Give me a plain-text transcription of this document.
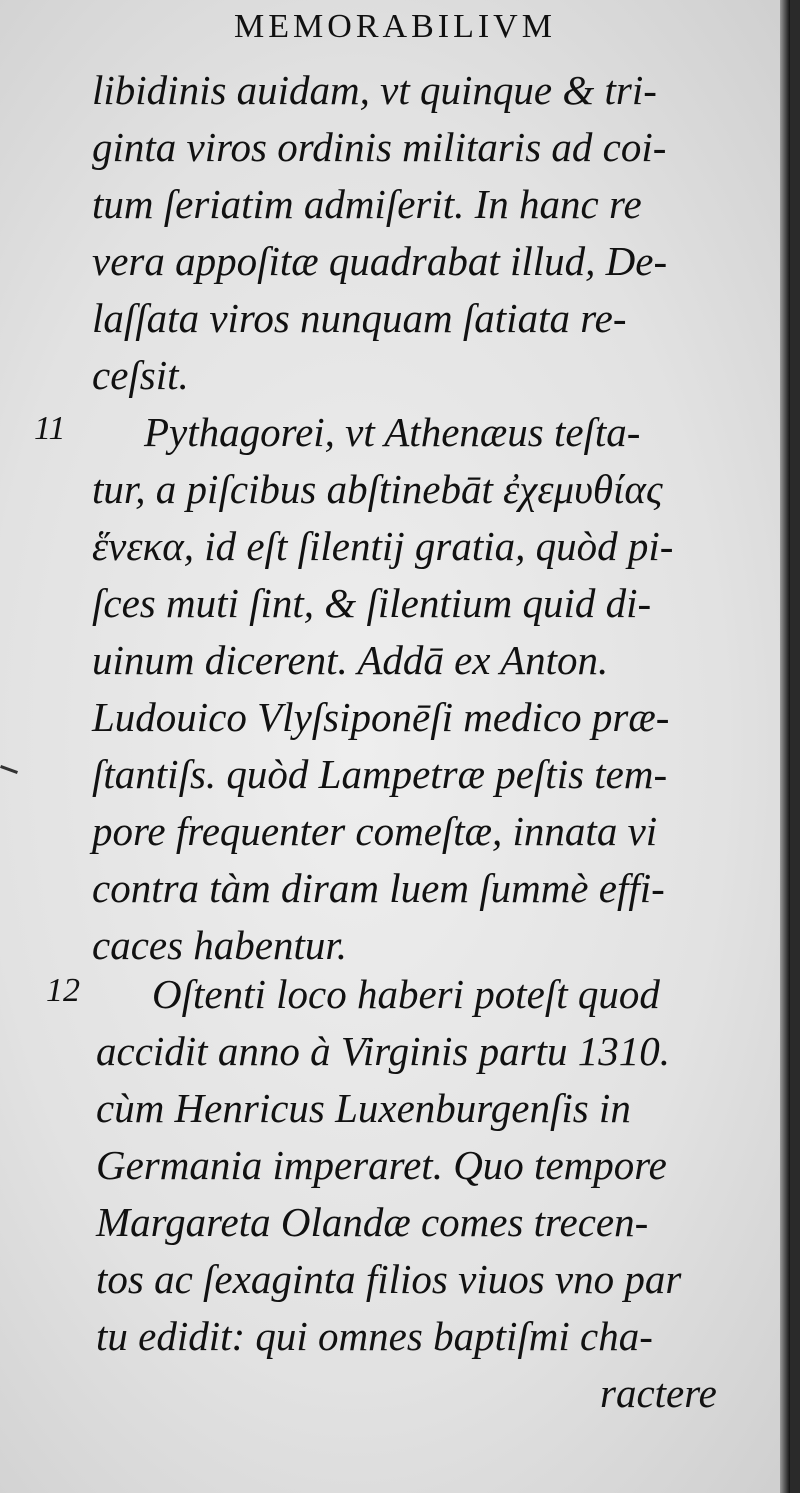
MEMORABILIVM
libidinis auidam, vt quinque & tri-
ginta viros ordinis militaris ad coi-
tum ſeriatim admiſerit. In hanc re
vera appoſitæ quadrabat illud, De-
laſſata viros nunquam ſatiata re-
ceſsit.
11 Pythagorei, vt Athenæus teſta-
tur, a piſcibus abſtinebāt ἐχεμυθίας
ἕνεκα, id eſt ſilentij gratia, quòd pi-
ſces muti ſint, & ſilentium quid di-
uinum dicerent. Addā ex Anton.
Ludouico Vlyſsiponēſi medico præ-
ſtantiſs. quòd Lampetræ peſtis tem-
pore frequenter comeſtæ, innata vi
contra tàm diram luem ſummè effi-
caces habentur.
12 Oſtenti loco haberi poteſt quod
accidit anno à Virginis partu 1310.
cùm Henricus Luxenburgenſis in
Germania imperaret. Quo tempore
Margareta Olandæ comes trecen-
tos ac ſexaginta filios viuos vno par
tu edidit: qui omnes baptiſmi cha-
ractere
